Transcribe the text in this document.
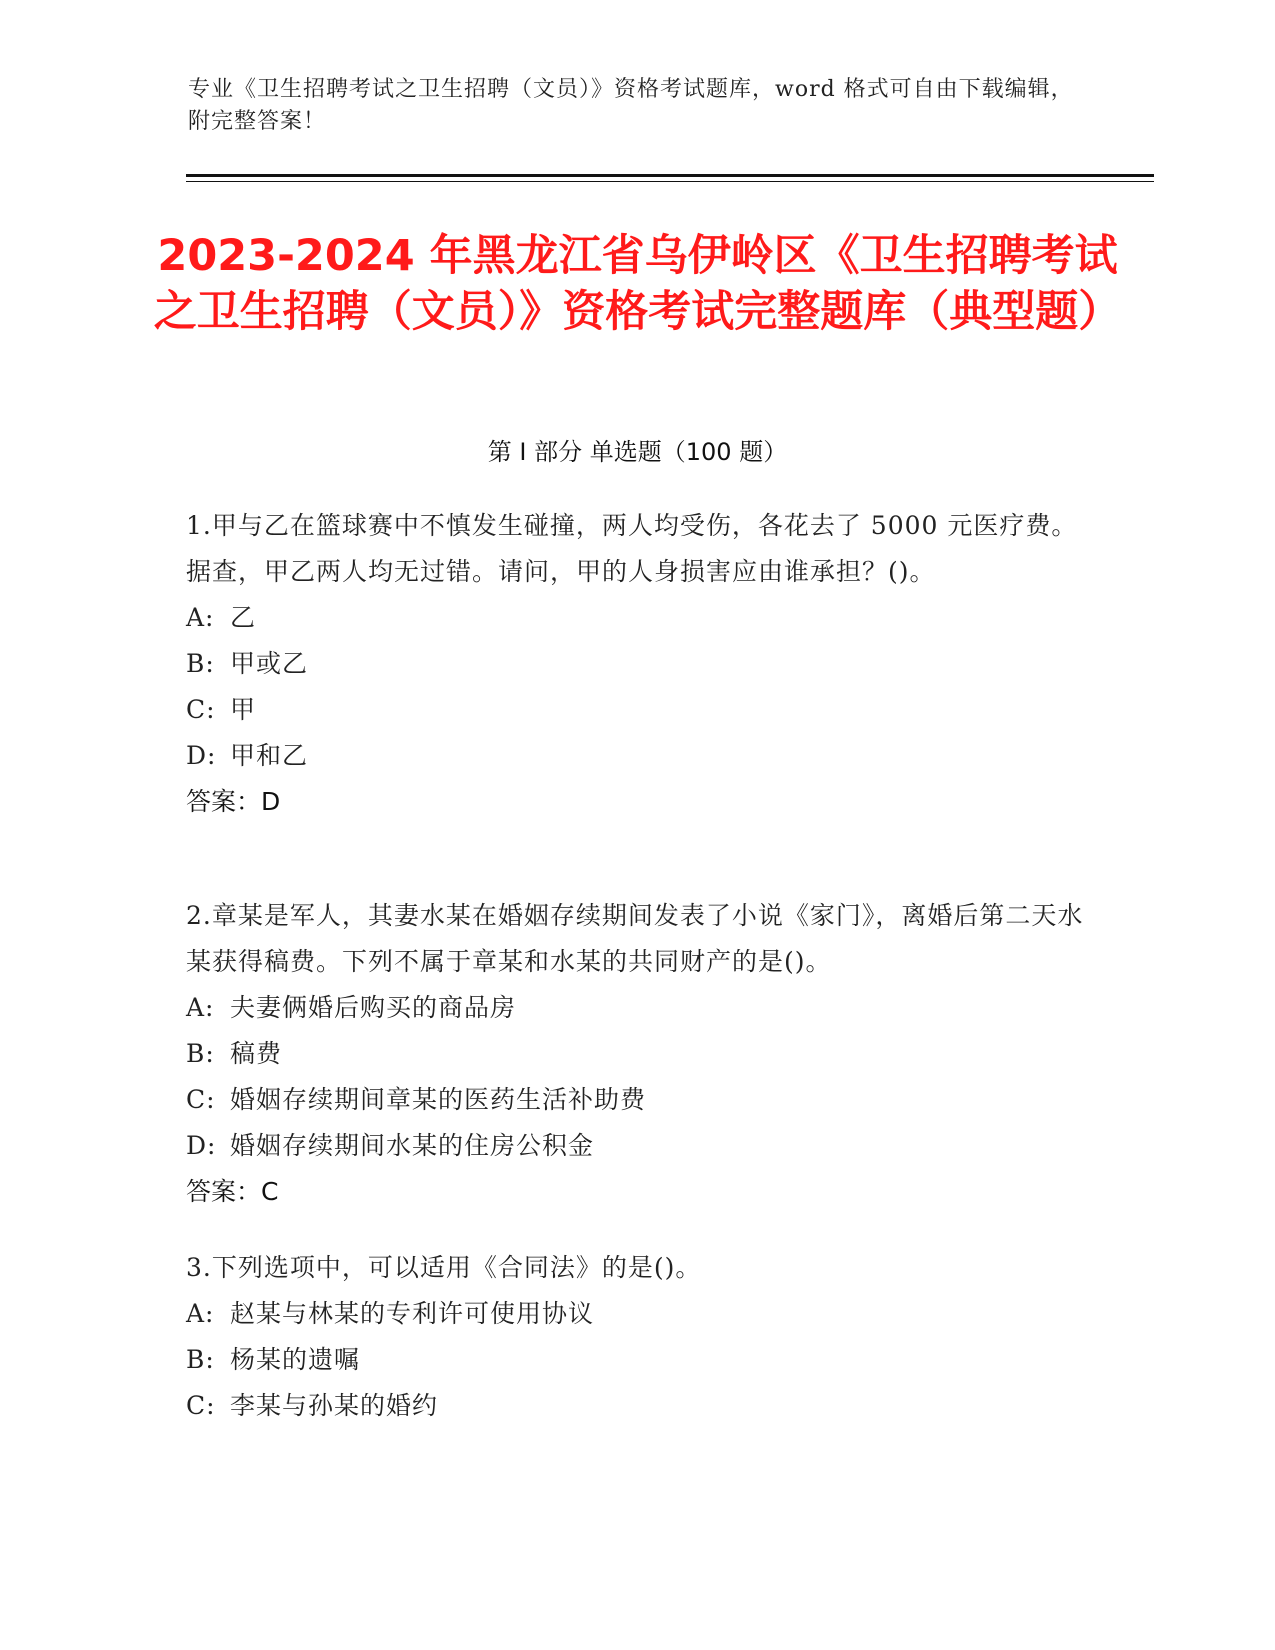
专业《卫生招聘考试之卫生招聘（文员）》资格考试题库，word 格式可自由下载编辑，附完整答案！
2023-2024 年黑龙江省乌伊岭区《卫生招聘考试之卫生招聘（文员）》资格考试完整题库（典型题）
第 I 部分 单选题（100 题）
1.甲与乙在篮球赛中不慎发生碰撞，两人均受伤，各花去了 5000 元医疗费。据查，甲乙两人均无过错。请问，甲的人身损害应由谁承担？()。
A: 乙
B: 甲或乙
C: 甲
D: 甲和乙
答案：D
2.章某是军人，其妻水某在婚姻存续期间发表了小说《家门》，离婚后第二天水某获得稿费。下列不属于章某和水某的共同财产的是()。
A: 夫妻俩婚后购买的商品房
B: 稿费
C: 婚姻存续期间章某的医药生活补助费
D: 婚姻存续期间水某的住房公积金
答案：C
3.下列选项中，可以适用《合同法》的是()。
A: 赵某与林某的专利许可使用协议
B: 杨某的遗嘱
C: 李某与孙某的婚约
